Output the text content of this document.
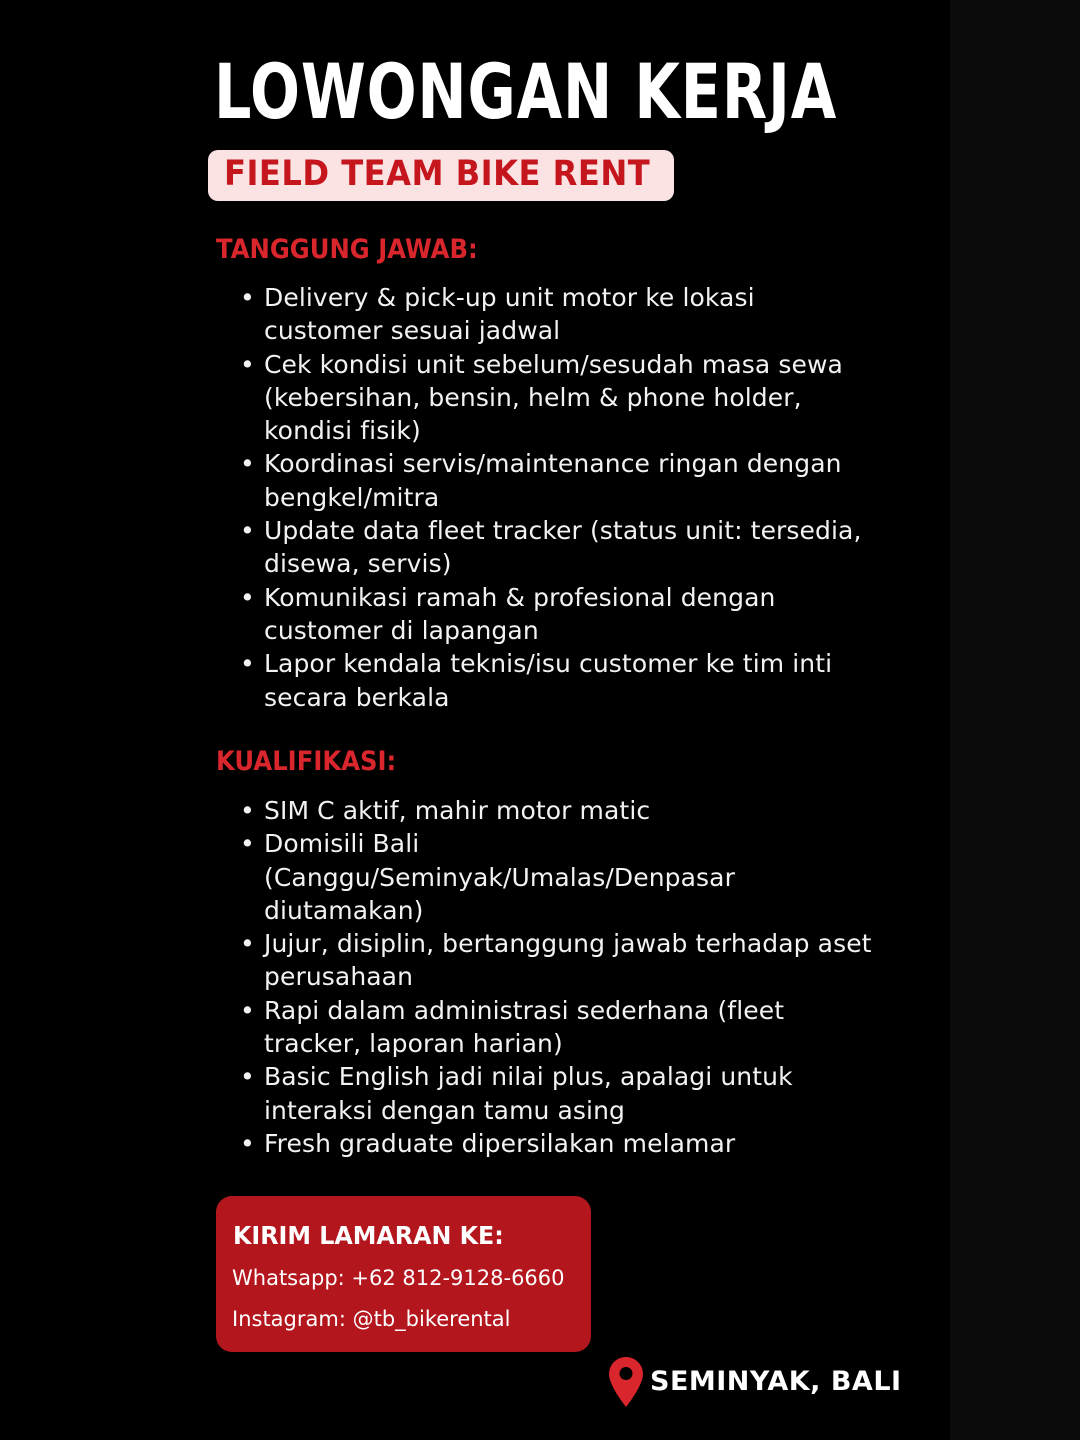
LOWONGAN KERJA
FIELD TEAM BIKE RENT
TANGGUNG JAWAB:
• Delivery & pick-up unit motor ke lokasi customer sesuai jadwal
• Cek kondisi unit sebelum/sesudah masa sewa (kebersihan, bensin, helm & phone holder, kondisi fisik)
• Koordinasi servis/maintenance ringan dengan bengkel/mitra
• Update data fleet tracker (status unit: tersedia, disewa, servis)
• Komunikasi ramah & profesional dengan customer di lapangan
• Lapor kendala teknis/isu customer ke tim inti secara berkala
KUALIFIKASI:
• SIM C aktif, mahir motor matic
• Domisili Bali (Canggu/Seminyak/Umalas/Denpasar diutamakan)
• Jujur, disiplin, bertanggung jawab terhadap aset perusahaan
• Rapi dalam administrasi sederhana (fleet tracker, laporan harian)
• Basic English jadi nilai plus, apalagi untuk interaksi dengan tamu asing
• Fresh graduate dipersilakan melamar
KIRIM LAMARAN KE:
Whatsapp: +62 812-9128-6660
Instagram: @tb_bikerental
SEMINYAK, BALI
